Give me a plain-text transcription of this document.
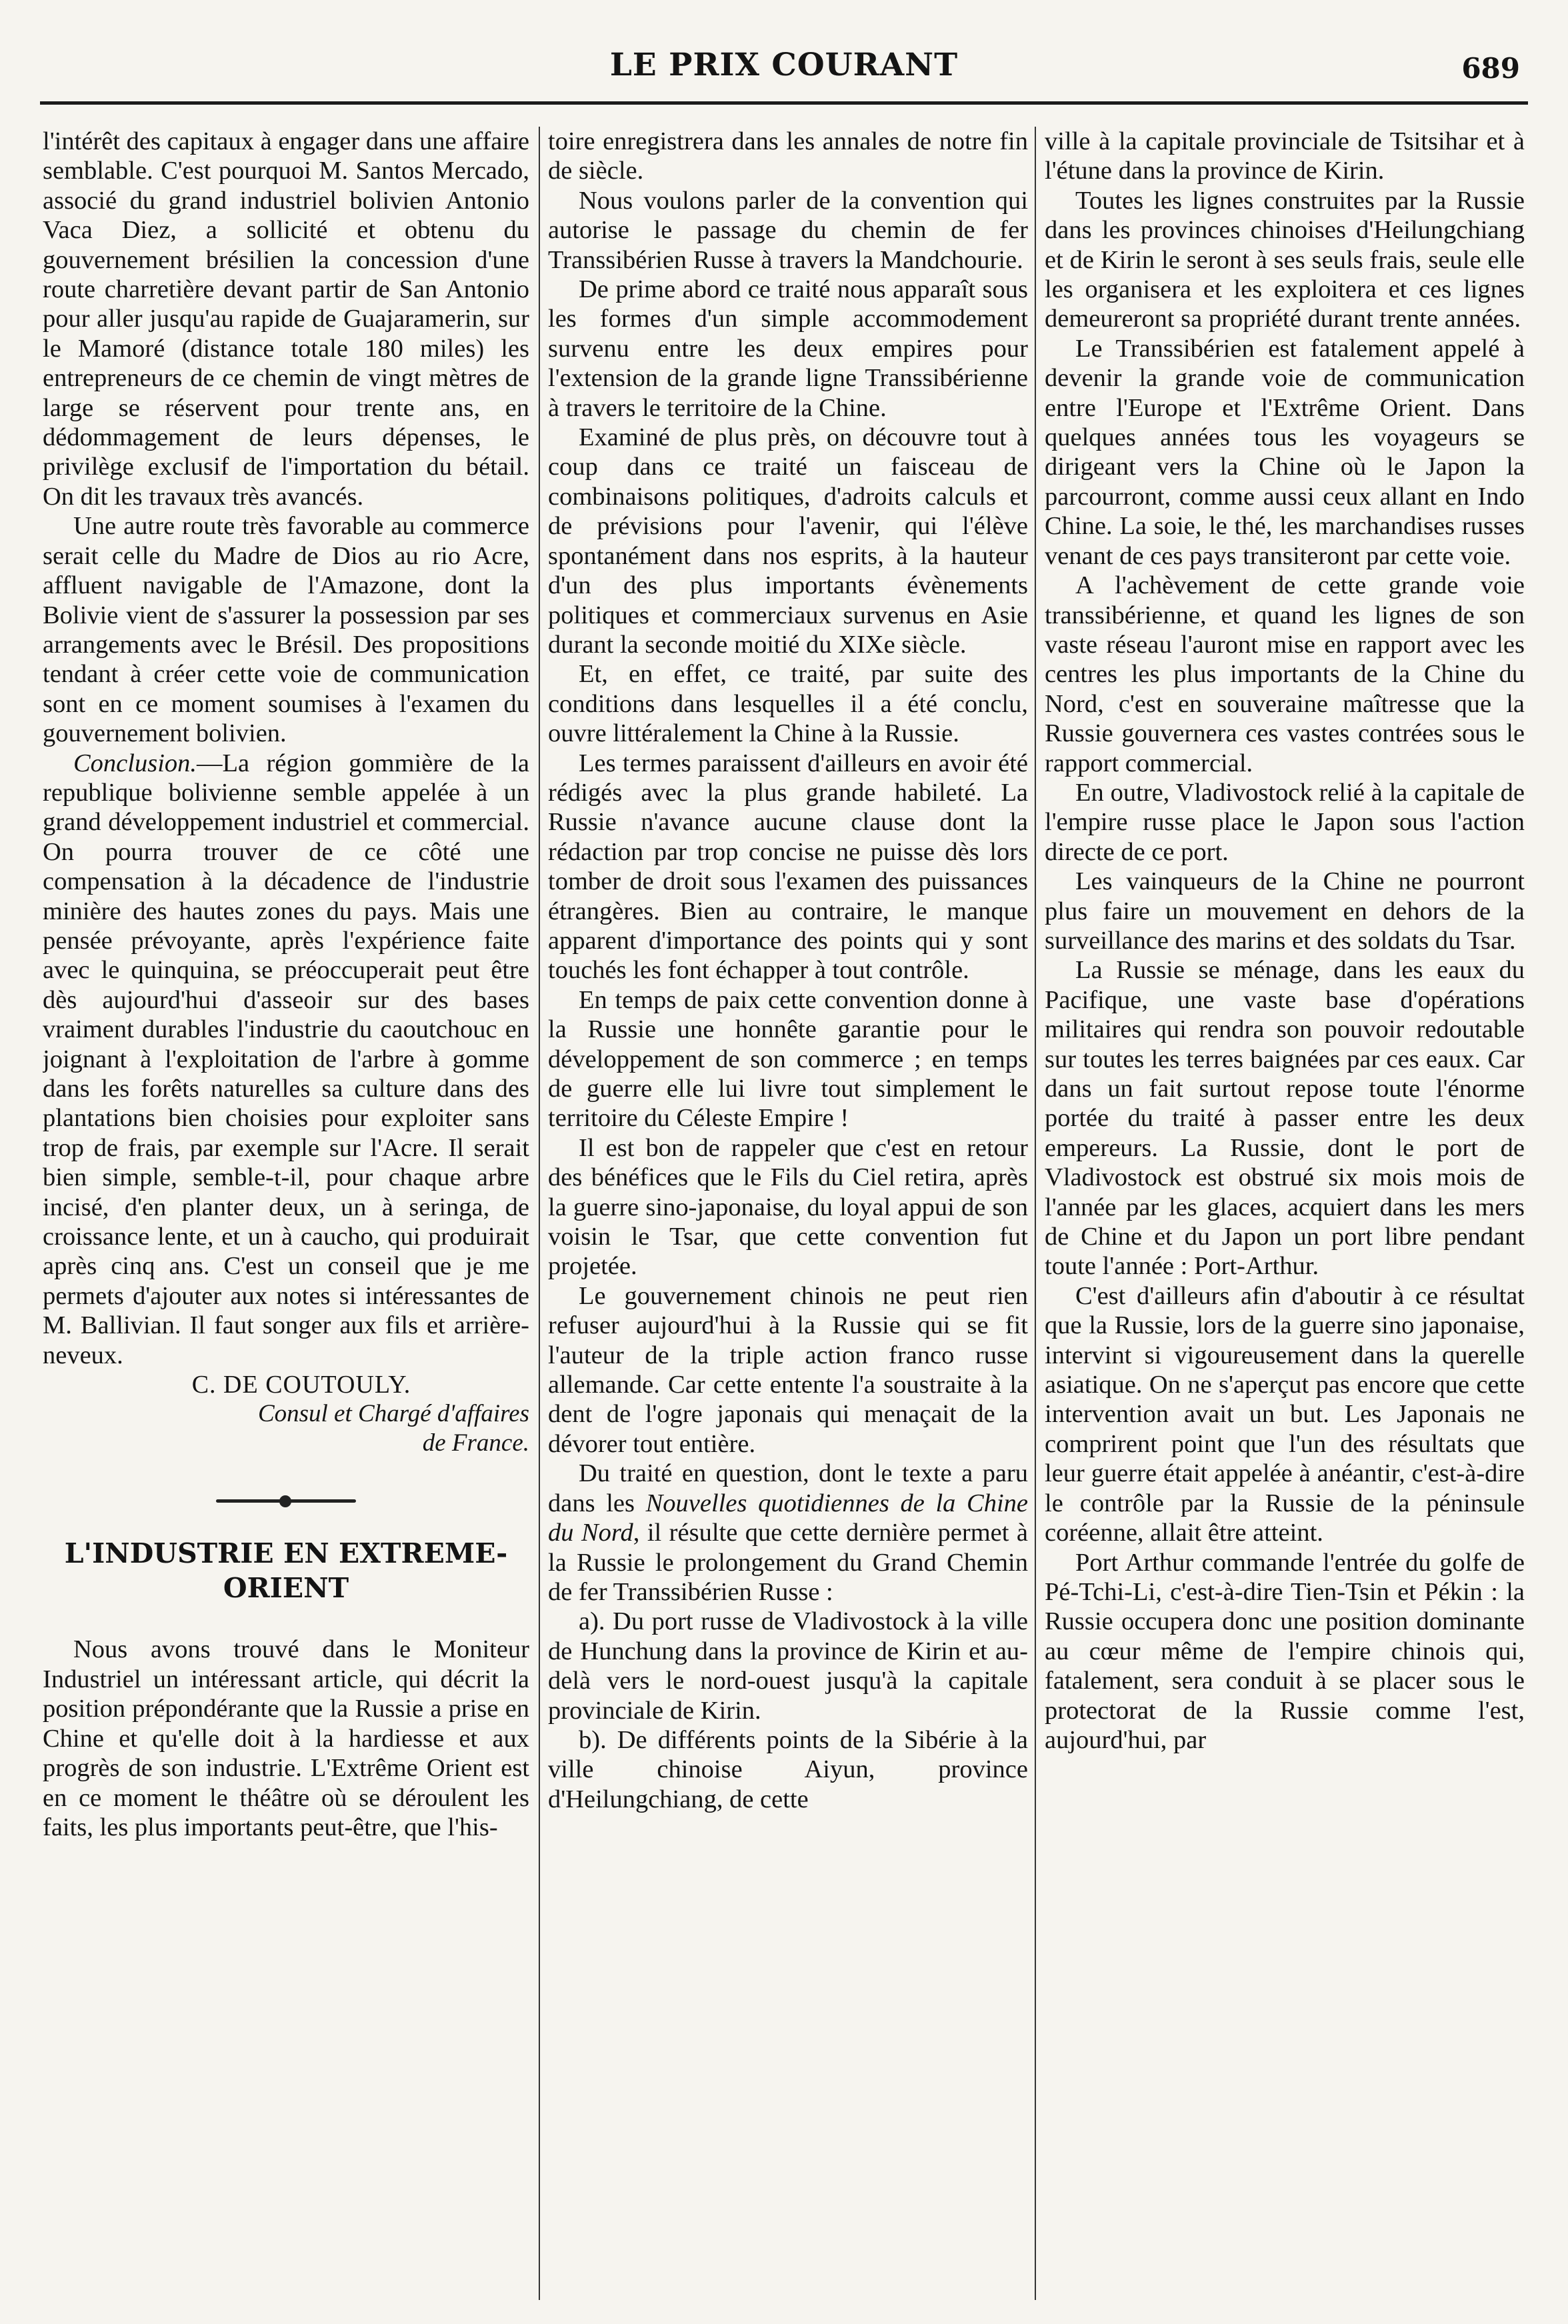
LE PRIX COURANT	689

l'intérêt des capitaux à engager dans une affaire semblable. C'est pourquoi M. Santos Mercado, associé du grand industriel bolivien Antonio Vaca Diez, a sollicité et obtenu du gouvernement brésilien la concession d'une route charretière devant partir de San Antonio pour aller jusqu'au rapide de Guajaramerin, sur le Mamoré (distance totale 180 miles) les entrepreneurs de ce chemin de vingt mètres de large se réservent pour trente ans, en dédommagement de leurs dépenses, le privilège exclusif de l'importation du bétail. On dit les travaux très avancés.

Une autre route très favorable au commerce serait celle du Madre de Dios au rio Acre, affluent navigable de l'Amazone, dont la Bolivie vient de s'assurer la possession par ses arrangements avec le Brésil. Des propositions tendant à créer cette voie de communication sont en ce moment soumises à l'examen du gouvernement bolivien.

Conclusion.—La région gommière de la republique bolivienne semble appelée à un grand développement industriel et commercial. On pourra trouver de ce côté une compensation à la décadence de l'industrie minière des hautes zones du pays. Mais une pensée prévoyante, après l'expérience faite avec le quinquina, se préoccuperait peut être dès aujourd'hui d'asseoir sur des bases vraiment durables l'industrie du caoutchouc en joignant à l'exploitation de l'arbre à gomme dans les forêts naturelles sa culture dans des plantations bien choisies pour exploiter sans trop de frais, par exemple sur l'Acre. Il serait bien simple, semble-t-il, pour chaque arbre incisé, d'en planter deux, un à seringa, de croissance lente, et un à caucho, qui produirait après cinq ans. C'est un conseil que je me permets d'ajouter aux notes si intéressantes de M. Ballivian. Il faut songer aux fils et arrière-neveux.

C. DE COUTOULY.

Consul et Chargé d'affaires

de France.

L'INDUSTRIE EN EXTREME-ORIENT

Nous avons trouvé dans le Moniteur Industriel un intéressant article, qui décrit la position prépondérante que la Russie a prise en Chine et qu'elle doit à la hardiesse et aux progrès de son industrie. L'Extrême Orient est en ce moment le théâtre où se déroulent les faits, les plus importants peut-être, que l'his-

toire enregistrera dans les annales de notre fin de siècle.

Nous voulons parler de la convention qui autorise le passage du chemin de fer Transsibérien Russe à travers la Mandchourie.

De prime abord ce traité nous apparaît sous les formes d'un simple accommodement survenu entre les deux empires pour l'extension de la grande ligne Transsibérienne à travers le territoire de la Chine.

Examiné de plus près, on découvre tout à coup dans ce traité un faisceau de combinaisons politiques, d'adroits calculs et de prévisions pour l'avenir, qui l'élève spontanément dans nos esprits, à la hauteur d'un des plus importants évènements politiques et commerciaux survenus en Asie durant la seconde moitié du XIXe siècle.

Et, en effet, ce traité, par suite des conditions dans lesquelles il a été conclu, ouvre littéralement la Chine à la Russie.

Les termes paraissent d'ailleurs en avoir été rédigés avec la plus grande habileté. La Russie n'avance aucune clause dont la rédaction par trop concise ne puisse dès lors tomber de droit sous l'examen des puissances étrangères. Bien au contraire, le manque apparent d'importance des points qui y sont touchés les font échapper à tout contrôle.

En temps de paix cette convention donne à la Russie une honnête garantie pour le développement de son commerce ; en temps de guerre elle lui livre tout simplement le territoire du Céleste Empire !

Il est bon de rappeler que c'est en retour des bénéfices que le Fils du Ciel retira, après la guerre sino-japonaise, du loyal appui de son voisin le Tsar, que cette convention fut projetée.

Le gouvernement chinois ne peut rien refuser aujourd'hui à la Russie qui se fit l'auteur de la triple action franco russe allemande. Car cette entente l'a soustraite à la dent de l'ogre japonais qui menaçait de la dévorer tout entière.

Du traité en question, dont le texte a paru dans les Nouvelles quotidiennes de la Chine du Nord, il résulte que cette dernière permet à la Russie le prolongement du Grand Chemin de fer Transsibérien Russe :

a). Du port russe de Vladivostock à la ville de Hunchung dans la province de Kirin et au-delà vers le nord-ouest jusqu'à la capitale provinciale de Kirin.

b). De différents points de la Sibérie à la ville chinoise Aiyun, province d'Heilungchiang, de cette

ville à la capitale provinciale de Tsitsihar et à l'étune dans la province de Kirin.

Toutes les lignes construites par la Russie dans les provinces chinoises d'Heilungchiang et de Kirin le seront à ses seuls frais, seule elle les organisera et les exploitera et ces lignes demeureront sa propriété durant trente années.

Le Transsibérien est fatalement appelé à devenir la grande voie de communication entre l'Europe et l'Extrême Orient. Dans quelques années tous les voyageurs se dirigeant vers la Chine où le Japon la parcourront, comme aussi ceux allant en Indo Chine. La soie, le thé, les marchandises russes venant de ces pays transiteront par cette voie.

A l'achèvement de cette grande voie transsibérienne, et quand les lignes de son vaste réseau l'auront mise en rapport avec les centres les plus importants de la Chine du Nord, c'est en souveraine maîtresse que la Russie gouvernera ces vastes contrées sous le rapport commercial.

En outre, Vladivostock relié à la capitale de l'empire russe place le Japon sous l'action directe de ce port.

Les vainqueurs de la Chine ne pourront plus faire un mouvement en dehors de la surveillance des marins et des soldats du Tsar.

La Russie se ménage, dans les eaux du Pacifique, une vaste base d'opérations militaires qui rendra son pouvoir redoutable sur toutes les terres baignées par ces eaux. Car dans un fait surtout repose toute l'énorme portée du traité à passer entre les deux empereurs. La Russie, dont le port de Vladivostock est obstrué six mois mois de l'année par les glaces, acquiert dans les mers de Chine et du Japon un port libre pendant toute l'année : Port-Arthur.

C'est d'ailleurs afin d'aboutir à ce résultat que la Russie, lors de la guerre sino japonaise, intervint si vigoureusement dans la querelle asiatique. On ne s'aperçut pas encore que cette intervention avait un but. Les Japonais ne comprirent point que l'un des résultats que leur guerre était appelée à anéantir, c'est-à-dire le contrôle par la Russie de la péninsule coréenne, allait être atteint.

Port Arthur commande l'entrée du golfe de Pé-Tchi-Li, c'est-à-dire Tien-Tsin et Pékin : la Russie occupera donc une position dominante au cœur même de l'empire chinois qui, fatalement, sera conduit à se placer sous le protectorat de la Russie comme l'est, aujourd'hui, par
